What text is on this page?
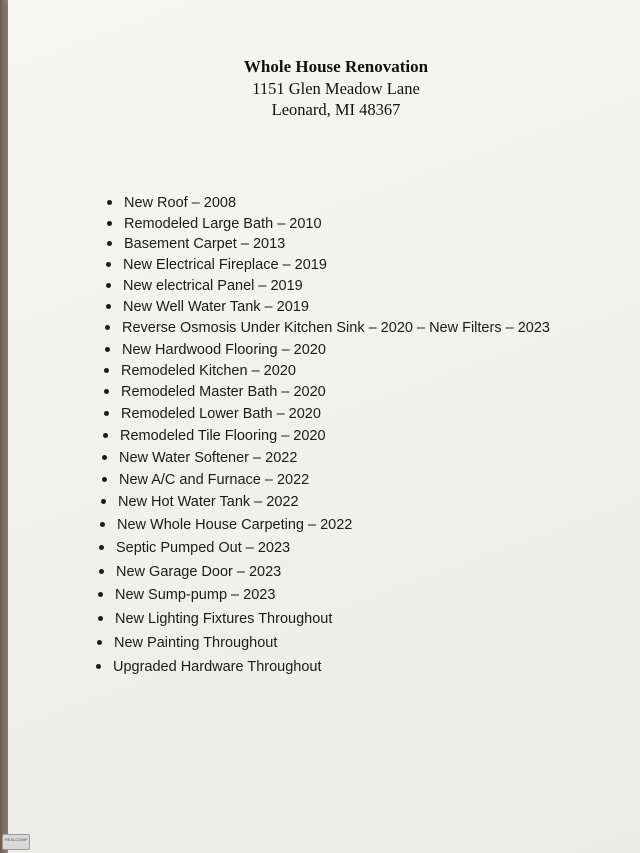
Whole House Renovation
1151 Glen Meadow Lane
Leonard, MI 48367
New Roof – 2008
Remodeled Large Bath – 2010
Basement Carpet – 2013
New Electrical Fireplace – 2019
New electrical Panel – 2019
New Well Water Tank – 2019
Reverse Osmosis Under Kitchen Sink – 2020 – New Filters – 2023
New Hardwood Flooring – 2020
Remodeled Kitchen – 2020
Remodeled Master Bath – 2020
Remodeled Lower Bath – 2020
Remodeled Tile Flooring – 2020
New Water Softener – 2022
New A/C and Furnace – 2022
New Hot Water Tank – 2022
New Whole House Carpeting – 2022
Septic Pumped Out – 2023
New Garage Door – 2023
New Sump-pump – 2023
New Lighting Fixtures Throughout
New Painting Throughout
Upgraded Hardware Throughout
REALCOMP
